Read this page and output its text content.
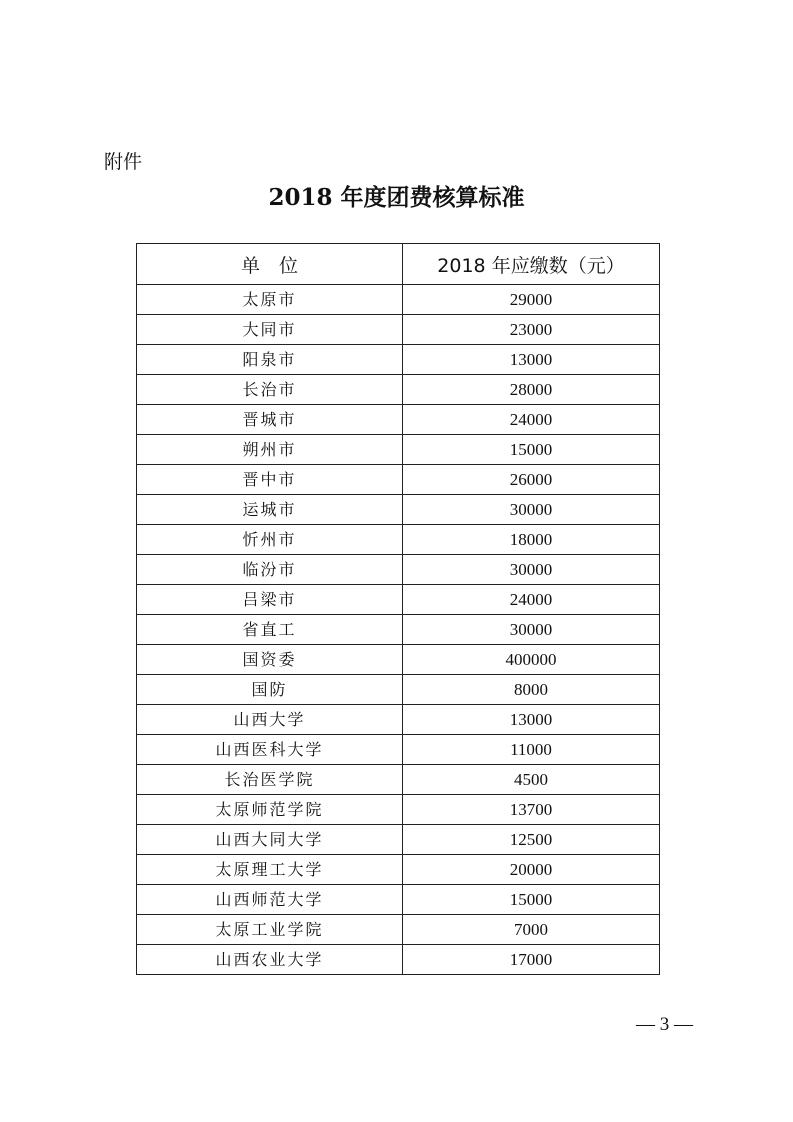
附件
2018 年度团费核算标准
单　位	2018 年应缴数（元）
太原市	29000
大同市	23000
阳泉市	13000
长治市	28000
晋城市	24000
朔州市	15000
晋中市	26000
运城市	30000
忻州市	18000
临汾市	30000
吕梁市	24000
省直工	30000
国资委	400000
国防	8000
山西大学	13000
山西医科大学	11000
长治医学院	4500
太原师范学院	13700
山西大同大学	12500
太原理工大学	20000
山西师范大学	15000
太原工业学院	7000
山西农业大学	17000
— 3 —
